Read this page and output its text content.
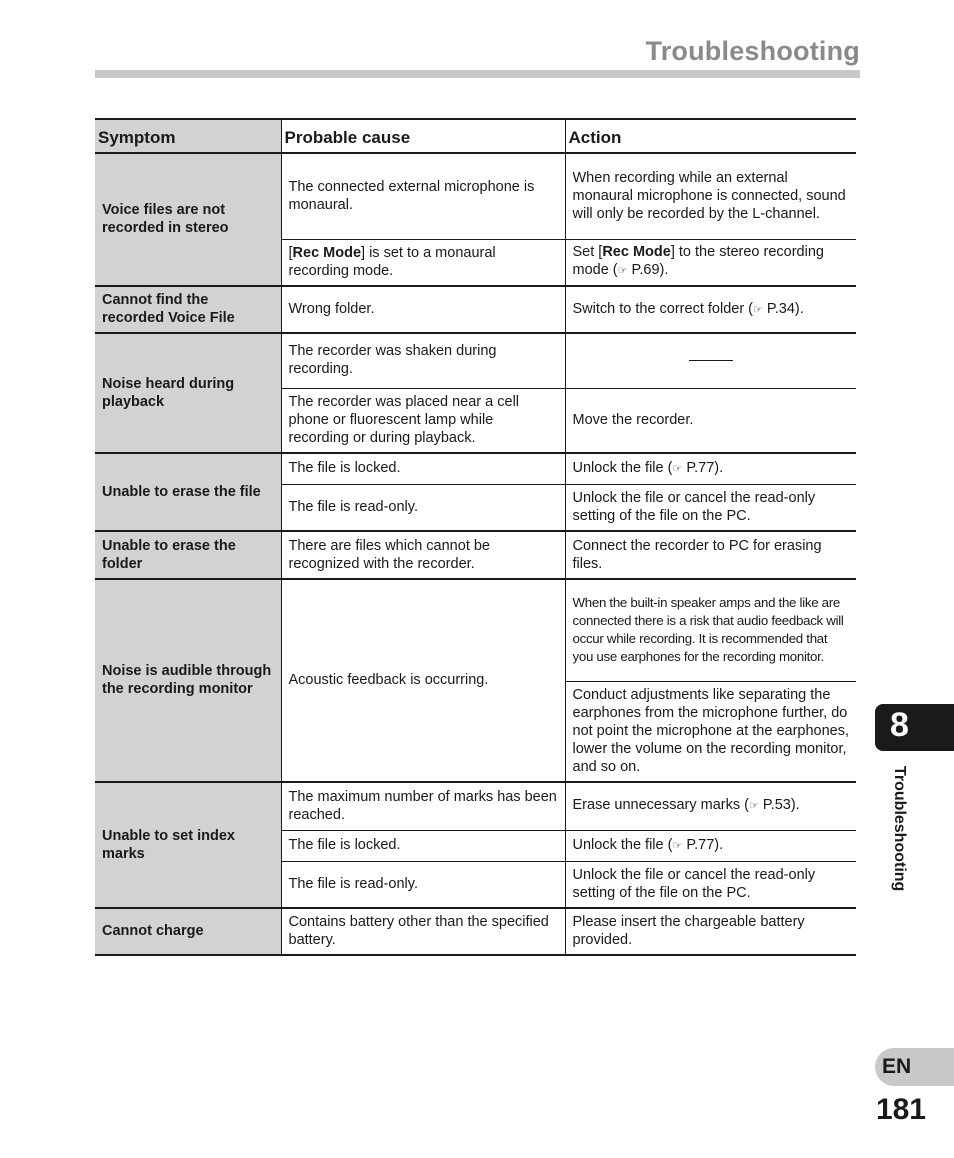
Troubleshooting
Symptom	Probable cause	Action
Voice files are not recorded in stereo	The connected external microphone is monaural.	When recording while an external monaural microphone is connected, sound will only be recorded by the L-channel.
	[Rec Mode] is set to a monaural recording mode.	Set [Rec Mode] to the stereo recording mode (☞ P.69).
Cannot find the recorded Voice File	Wrong folder.	Switch to the correct folder (☞ P.34).
Noise heard during playback	The recorder was shaken during recording.	

	The recorder was placed near a cell phone or fluorescent lamp while recording or during playback.	Move the recorder.
Unable to erase the file	The file is locked.	Unlock the file (☞ P.77).
	The file is read-only.	Unlock the file or cancel the read-only setting of the file on the PC.
Unable to erase the folder	There are files which cannot be recognized with the recorder.	Connect the recorder to PC for erasing files.
Noise is audible through the recording monitor	Acoustic feedback is occurring.	When the built-in speaker amps and the like are connected there is a risk that audio feedback will occur while recording. It is recommended that you use earphones for the recording monitor.
		Conduct adjustments like separating the earphones from the microphone further, do not point the microphone at the earphones, lower the volume on the recording monitor, and so on.
Unable to set index marks	The maximum number of marks has been reached.	Erase unnecessary marks (☞ P.53).
	The file is locked.	Unlock the file (☞ P.77).
	The file is read-only.	Unlock the file or cancel the read-only setting of the file on the PC.
Cannot charge	Contains battery other than the specified battery.	Please insert the chargeable battery provided.
8
Troubleshooting
EN
181
